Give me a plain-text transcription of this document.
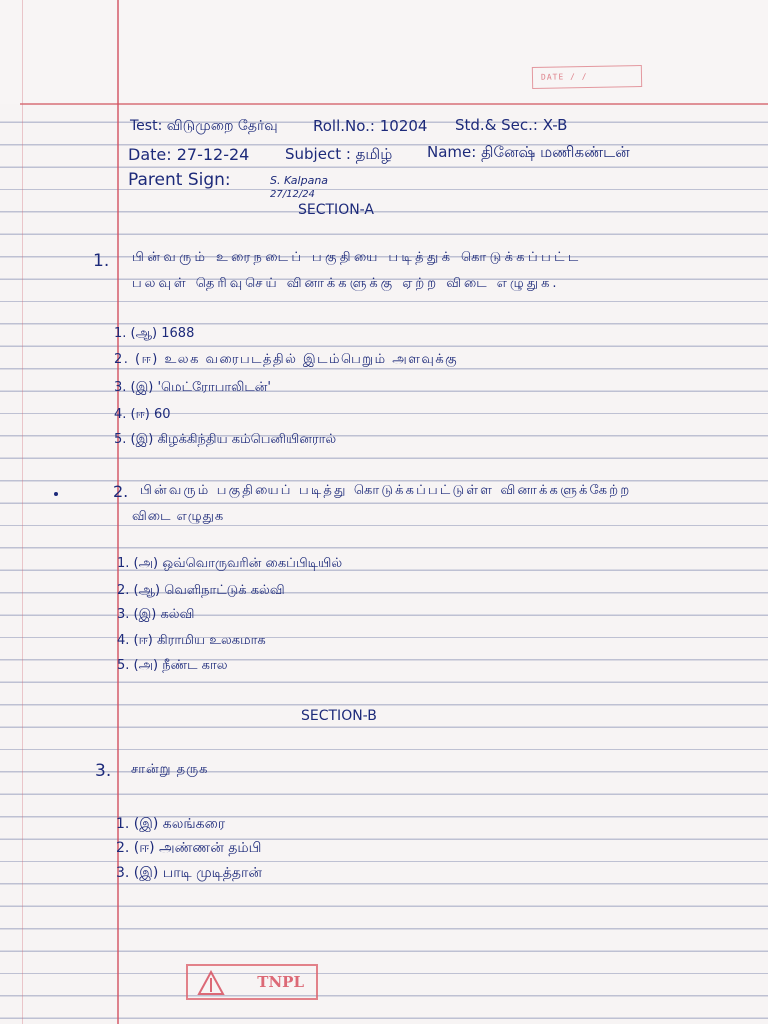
DATE / /
Test: விடுமுறை தேர்வு Roll.No.: 10204 Std.& Sec.: X-B
Date: 27-12-24 Subject : தமிழ் Name: தினேஷ் மணிகண்டன்
Parent Sign:	S. Kalpana
27/12/24
SECTION-A
1. பின்வரும் உரைநடைப் பகுதியை படித்துக் கொடுக்கப்பட்ட
பலவுள் தெரிவுசெய் வினாக்களுக்கு ஏற்ற விடை எழுதுக.
1. (ஆ) 1688
2. (ஈ) உலக வரைபடத்தில் இடம்பெறும் அளவுக்கு
3. (இ) 'மெட்ரோபாலிடன்'
4. (ஈ) 60
5. (இ) கிழக்கிந்திய கம்பெனியினரால்
2. பின்வரும் பகுதியைப் படித்து கொடுக்கப்பட்டுள்ள வினாக்களுக்கேற்ற
விடை எழுதுக
1. (அ) ஒவ்வொருவரின் கைப்பிடியில்
2. (ஆ) வெளிநாட்டுக் கல்வி
3. (இ) கல்வி
4. (ஈ) கிராமிய உலகமாக
5. (அ) நீண்ட கால
SECTION-B
3. சான்று தருக
1. (இ) கலங்கரை
2. (ஈ) அண்ணன் தம்பி
3. (இ) பாடி முடித்தான்
TNPL
